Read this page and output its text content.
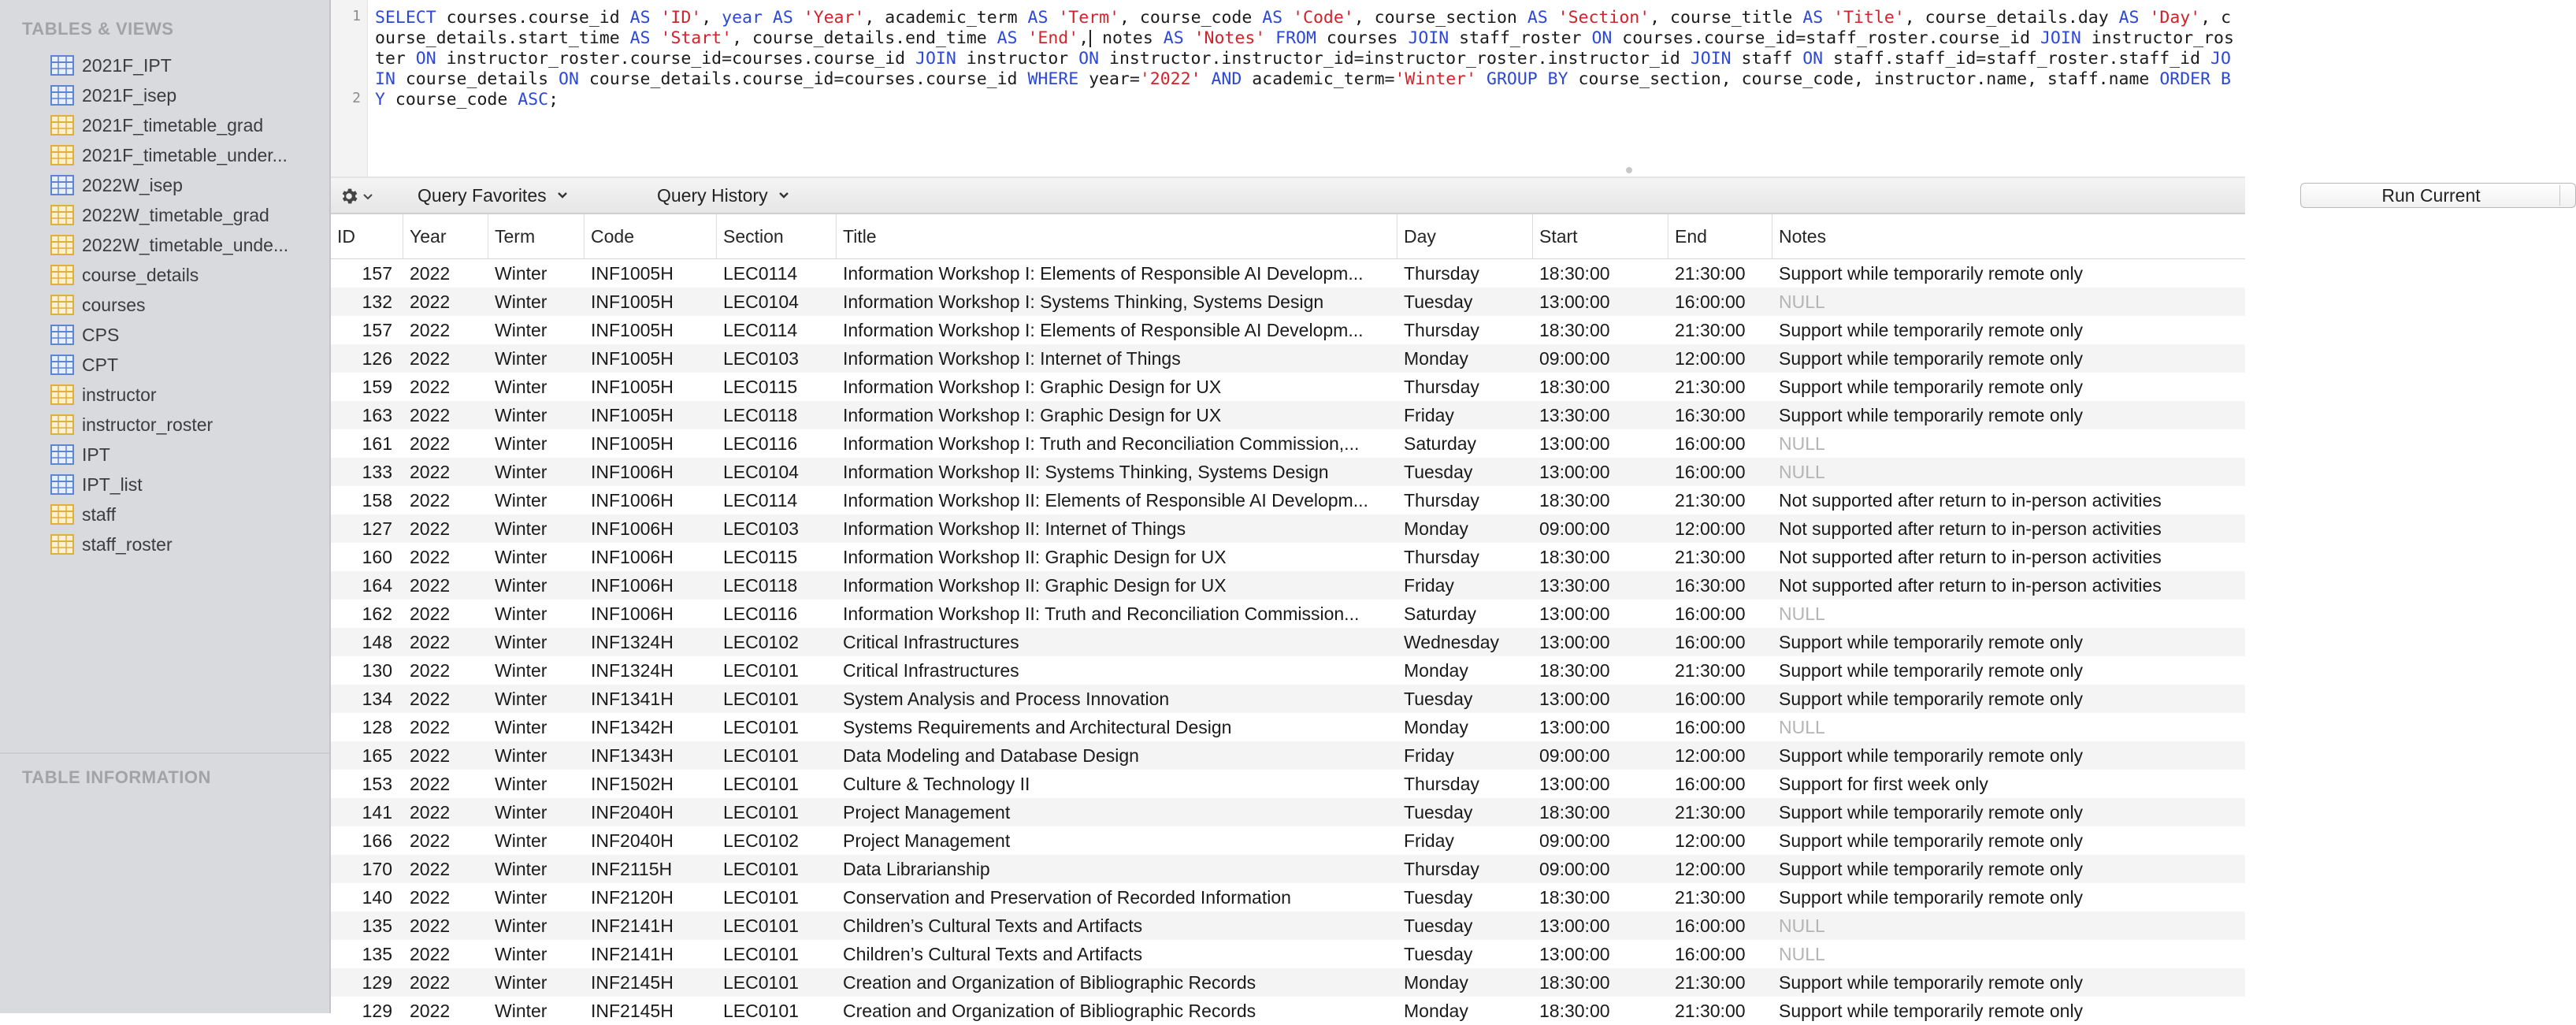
TABLES & VIEWS
2021F_IPT
2021F_isep
2021F_timetable_grad
2021F_timetable_under...
2022W_isep
2022W_timetable_grad
2022W_timetable_unde...
course_details
courses
CPS
CPT
instructor
instructor_roster
IPT
IPT_list
staff
staff_roster
TABLE INFORMATION
1
2
SELECT courses.course_id AS 'ID', year AS 'Year', academic_term AS 'Term', course_code AS 'Code', course_section AS 'Section', course_title AS 'Title', course_details.day AS 'Day', course_details.start_time AS 'Start', course_details.end_time AS 'End', notes AS 'Notes' FROM courses JOIN staff_roster ON courses.course_id=staff_roster.course_id JOIN instructor_roster ON instructor_roster.course_id=courses.course_id JOIN instructor ON instructor.instructor_id=instructor_roster.instructor_id JOIN staff ON staff.staff_id=staff_roster.staff_id JOIN course_details ON course_details.course_id=courses.course_id WHERE year='2022' AND academic_term='Winter' GROUP BY course_section, course_code, instructor.name, staff.name ORDER BY course_code ASC;
Query Favorites	Query History	Run Current
ID	Year	Term	Code	Section	Title	Day	Start	End	Notes
157 2022	Winter	INF1005H	LEC0114	Information Workshop I: Elements of Responsible AI Developm...	Thursday	18:30:00	21:30:00	Support while temporarily remote only
132 2022	Winter	INF1005H	LEC0104	Information Workshop I: Systems Thinking, Systems Design	Tuesday	13:00:00	16:00:00	NULL
157 2022	Winter	INF1005H	LEC0114	Information Workshop I: Elements of Responsible AI Developm...	Thursday	18:30:00	21:30:00	Support while temporarily remote only
126 2022	Winter	INF1005H	LEC0103	Information Workshop I: Internet of Things	Monday	09:00:00	12:00:00	Support while temporarily remote only
159 2022	Winter	INF1005H	LEC0115	Information Workshop I: Graphic Design for UX	Thursday	18:30:00	21:30:00	Support while temporarily remote only
163 2022	Winter	INF1005H	LEC0118	Information Workshop I: Graphic Design for UX	Friday	13:30:00	16:30:00	Support while temporarily remote only
161 2022	Winter	INF1005H	LEC0116	Information Workshop I: Truth and Reconciliation Commission,...	Saturday	13:00:00	16:00:00	NULL
133 2022	Winter	INF1006H	LEC0104	Information Workshop II: Systems Thinking, Systems Design	Tuesday	13:00:00	16:00:00	NULL
158 2022	Winter	INF1006H	LEC0114	Information Workshop II: Elements of Responsible AI Developm...	Thursday	18:30:00	21:30:00	Not supported after return to in-person activities
127 2022	Winter	INF1006H	LEC0103	Information Workshop II: Internet of Things	Monday	09:00:00	12:00:00	Not supported after return to in-person activities
160 2022	Winter	INF1006H	LEC0115	Information Workshop II: Graphic Design for UX	Thursday	18:30:00	21:30:00	Not supported after return to in-person activities
164 2022	Winter	INF1006H	LEC0118	Information Workshop II: Graphic Design for UX	Friday	13:30:00	16:30:00	Not supported after return to in-person activities
162 2022	Winter	INF1006H	LEC0116	Information Workshop II: Truth and Reconciliation Commission...	Saturday	13:00:00	16:00:00	NULL
148 2022	Winter	INF1324H	LEC0102	Critical Infrastructures	Wednesday	13:00:00	16:00:00	Support while temporarily remote only
130 2022	Winter	INF1324H	LEC0101	Critical Infrastructures	Monday	18:30:00	21:30:00	Support while temporarily remote only
134 2022	Winter	INF1341H	LEC0101	System Analysis and Process Innovation	Tuesday	13:00:00	16:00:00	Support while temporarily remote only
128 2022	Winter	INF1342H	LEC0101	Systems Requirements and Architectural Design	Monday	13:00:00	16:00:00	NULL
165 2022	Winter	INF1343H	LEC0101	Data Modeling and Database Design	Friday	09:00:00	12:00:00	Support while temporarily remote only
153 2022	Winter	INF1502H	LEC0101	Culture & Technology II	Thursday	13:00:00	16:00:00	Support for first week only
141 2022	Winter	INF2040H	LEC0101	Project Management	Tuesday	18:30:00	21:30:00	Support while temporarily remote only
166 2022	Winter	INF2040H	LEC0102	Project Management	Friday	09:00:00	12:00:00	Support while temporarily remote only
170 2022	Winter	INF2115H	LEC0101	Data Librarianship	Thursday	09:00:00	12:00:00	Support while temporarily remote only
140 2022	Winter	INF2120H	LEC0101	Conservation and Preservation of Recorded Information	Tuesday	18:30:00	21:30:00	Support while temporarily remote only
135 2022	Winter	INF2141H	LEC0101	Children’s Cultural Texts and Artifacts	Tuesday	13:00:00	16:00:00	NULL
135 2022	Winter	INF2141H	LEC0101	Children’s Cultural Texts and Artifacts	Tuesday	13:00:00	16:00:00	NULL
129 2022	Winter	INF2145H	LEC0101	Creation and Organization of Bibliographic Records	Monday	18:30:00	21:30:00	Support while temporarily remote only
129 2022	Winter	INF2145H	LEC0101	Creation and Organization of Bibliographic Records	Monday	18:30:00	21:30:00	Support while temporarily remote only
